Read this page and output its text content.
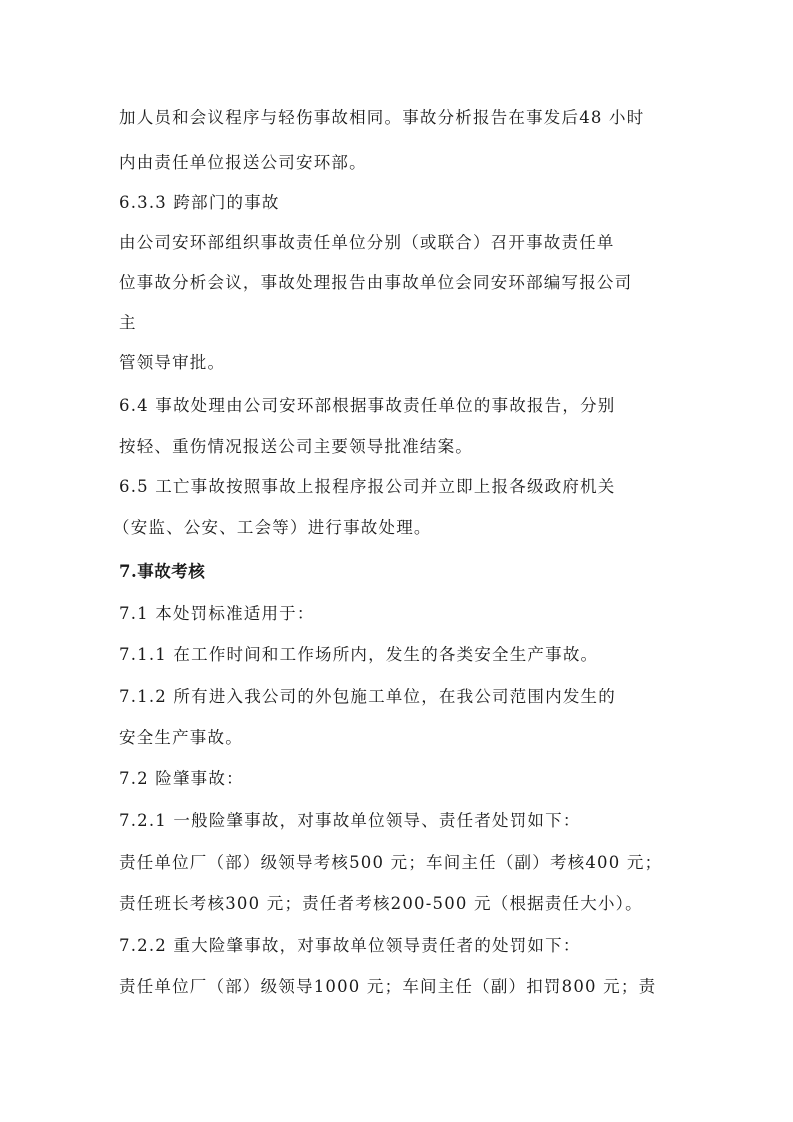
加人员和会议程序与轻伤事故相同。事故分析报告在事发后48 小时
内由责任单位报送公司安环部。
6.3.3 跨部门的事故
由公司安环部组织事故责任单位分别（或联合）召开事故责任单
位事故分析会议，事故处理报告由事故单位会同安环部编写报公司
主
管领导审批。
6.4 事故处理由公司安环部根据事故责任单位的事故报告，分别
按轻、重伤情况报送公司主要领导批准结案。
6.5 工亡事故按照事故上报程序报公司并立即上报各级政府机关
（安监、公安、工会等）进行事故处理。
7.事故考核
7.1 本处罚标准适用于：
7.1.1 在工作时间和工作场所内，发生的各类安全生产事故。
7.1.2 所有进入我公司的外包施工单位，在我公司范围内发生的
安全生产事故。
7.2 险肇事故：
7.2.1 一般险肇事故，对事故单位领导、责任者处罚如下：
责任单位厂（部）级领导考核500 元；车间主任（副）考核400 元；
责任班长考核300 元；责任者考核200-500 元（根据责任大小）。
7.2.2 重大险肇事故，对事故单位领导责任者的处罚如下：
责任单位厂（部）级领导1000 元；车间主任（副）扣罚800 元；责
